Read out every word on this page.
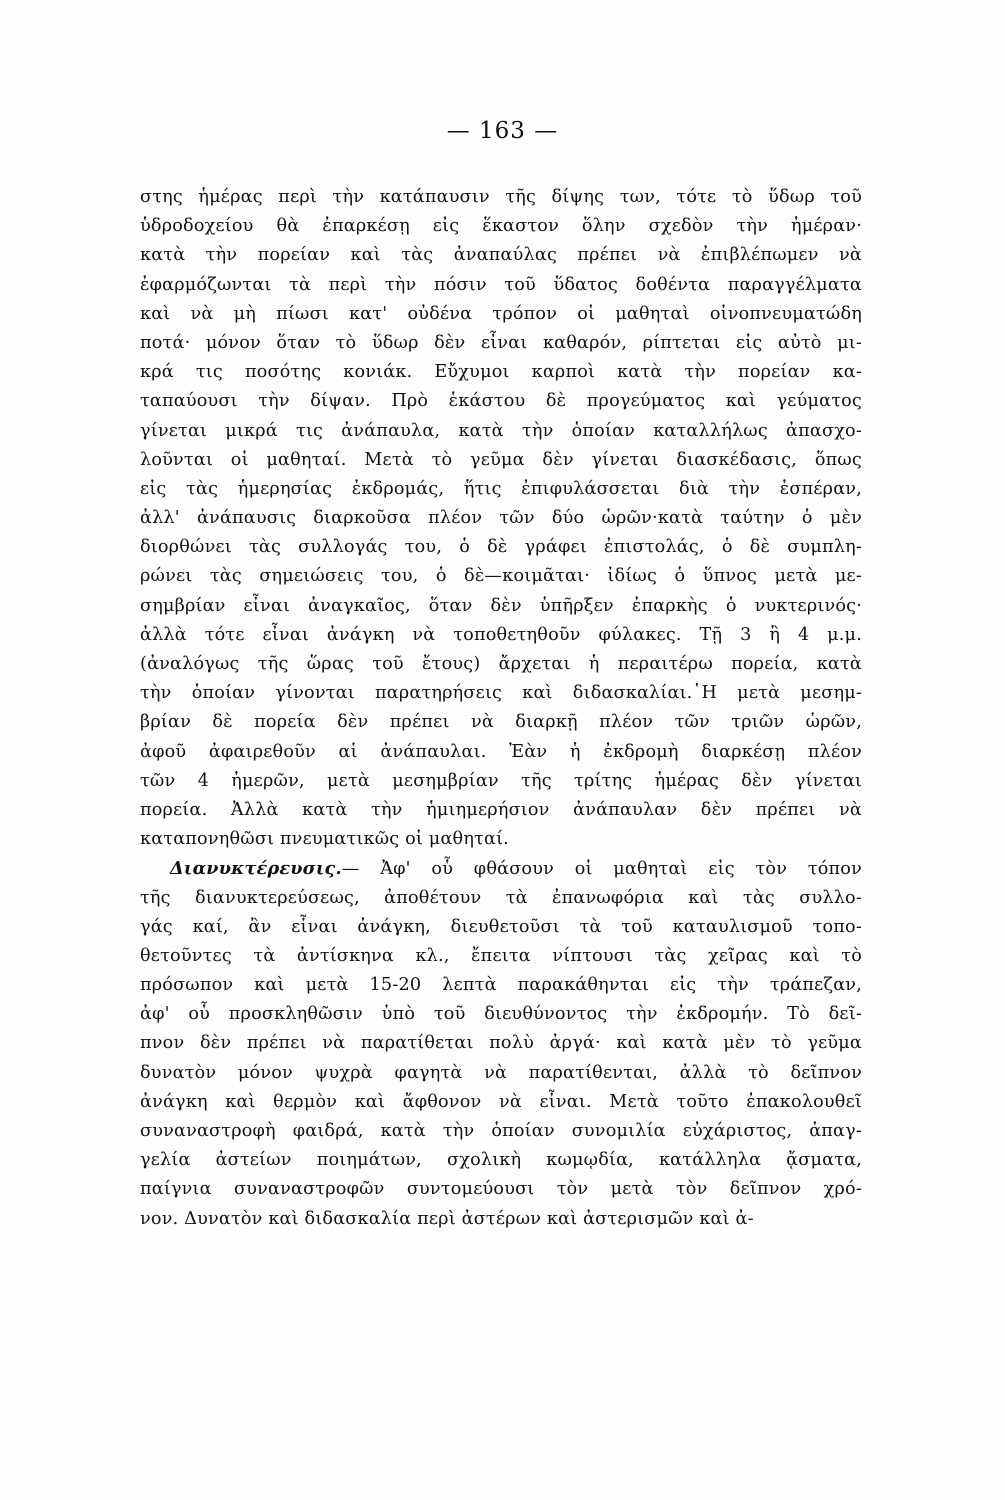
— 163 —
στης ἡμέρας περὶ τὴν κατάπαυσιν τῆς δίψης των, τότε τὸ ὕδωρ τοῦ
ὑδροδοχείου θὰ ἐπαρκέσῃ εἰς ἕκαστον ὅλην σχεδὸν τὴν ἡμέραν·
κατὰ τὴν πορείαν καὶ τὰς ἀναπαύλας πρέπει νὰ ἐπιβλέπωμεν νὰ
ἐφαρμόζωνται τὰ περὶ τὴν πόσιν τοῦ ὕδατος δοθέντα παραγγέλματα
καὶ νὰ μὴ πίωσι κατ' οὐδένα τρόπον οἱ μαθηταὶ οἰνοπνευματώδη
ποτά· μόνον ὅταν τὸ ὕδωρ δὲν εἶναι καθαρόν, ρίπτεται εἰς αὐτὸ μι-
κρά τις ποσότης κονιάκ. Εὔχυμοι καρποὶ κατὰ τὴν πορείαν κα-
ταπαύουσι τὴν δίψαν. Πρὸ ἑκάστου δὲ προγεύματος καὶ γεύματος
γίνεται μικρά τις ἀνάπαυλα, κατὰ τὴν ὁποίαν καταλλήλως ἀπασχο-
λοῦνται οἱ μαθηταί. Μετὰ τὸ γεῦμα δὲν γίνεται διασκέδασις, ὅπως
εἰς τὰς ἡμερησίας ἐκδρομάς, ἥτις ἐπιφυλάσσεται διὰ τὴν ἑσπέραν,
ἀλλ' ἀνάπαυσις διαρκοῦσα πλέον τῶν δύο ὡρῶν·κατὰ ταύτην ὁ μὲν
διορθώνει τὰς συλλογάς του, ὁ δὲ γράφει ἐπιστολάς, ὁ δὲ συμπλη-
ρώνει τὰς σημειώσεις του, ὁ δὲ—κοιμᾶται· ἰδίως ὁ ὕπνος μετὰ με-
σημβρίαν εἶναι ἀναγκαῖος, ὅταν δὲν ὑπῆρξεν ἐπαρκὴς ὁ νυκτερινός·
ἀλλὰ τότε εἶναι ἀνάγκη νὰ τοποθετηθοῦν φύλακες. Τῇ 3 ἢ 4 μ.μ.
(ἀναλόγως τῆς ὥρας τοῦ ἔτους) ἄρχεται ἡ περαιτέρω πορεία, κατὰ
τὴν ὁποίαν γίνονται παρατηρήσεις καὶ διδασκαλίαι.῾Η μετὰ μεσημ-
βρίαν δὲ πορεία δὲν πρέπει νὰ διαρκῇ πλέον τῶν τριῶν ὡρῶν,
ἀφοῦ ἀφαιρεθοῦν αἱ ἀνάπαυλαι. Ἐὰν ἡ ἐκδρομὴ διαρκέσῃ πλέον
τῶν 4 ἡμερῶν, μετὰ μεσημβρίαν τῆς τρίτης ἡμέρας δὲν γίνεται
πορεία. Ἀλλὰ κατὰ τὴν ἡμιημερήσιον ἀνάπαυλαν δὲν πρέπει νὰ
καταπονηθῶσι πνευματικῶς οἱ μαθηταί.
Διανυκτέρευσις.— Ἀφ' οὗ φθάσουν οἱ μαθηταὶ εἰς τὸν τόπον
τῆς διανυκτερεύσεως, ἀποθέτουν τὰ ἐπανωφόρια καὶ τὰς συλλο-
γάς καί, ἂν εἶναι ἀνάγκη, διευθετοῦσι τὰ τοῦ καταυλισμοῦ τοπο-
θετοῦντες τὰ ἀντίσκηνα κλ., ἔπειτα νίπτουσι τὰς χεῖρας καὶ τὸ
πρόσωπον καὶ μετὰ 15-20 λεπτὰ παρακάθηνται εἰς τὴν τράπεζαν,
ἀφ' οὗ προσκληθῶσιν ὑπὸ τοῦ διευθύνοντος τὴν ἐκδρομήν. Τὸ δεῖ-
πνον δὲν πρέπει νὰ παρατίθεται πολὺ ἀργά· καὶ κατὰ μὲν τὸ γεῦμα
δυνατὸν μόνον ψυχρὰ φαγητὰ νὰ παρατίθενται, ἀλλὰ τὸ δεῖπνον
ἀνάγκη καὶ θερμὸν καὶ ἄφθονον νὰ εἶναι. Μετὰ τοῦτο ἐπακολουθεῖ
συναναστροφὴ φαιδρά, κατὰ τὴν ὁποίαν συνομιλία εὐχάριστος, ἀπαγ-
γελία ἀστείων ποιημάτων, σχολικὴ κωμῳδία, κατάλληλα ᾄσματα,
παίγνια συναναστροφῶν συντομεύουσι τὸν μετὰ τὸν δεῖπνον χρό-
νον. Δυνατὸν καὶ διδασκαλία περὶ ἀστέρων καὶ ἀστερισμῶν καὶ ἀ-
